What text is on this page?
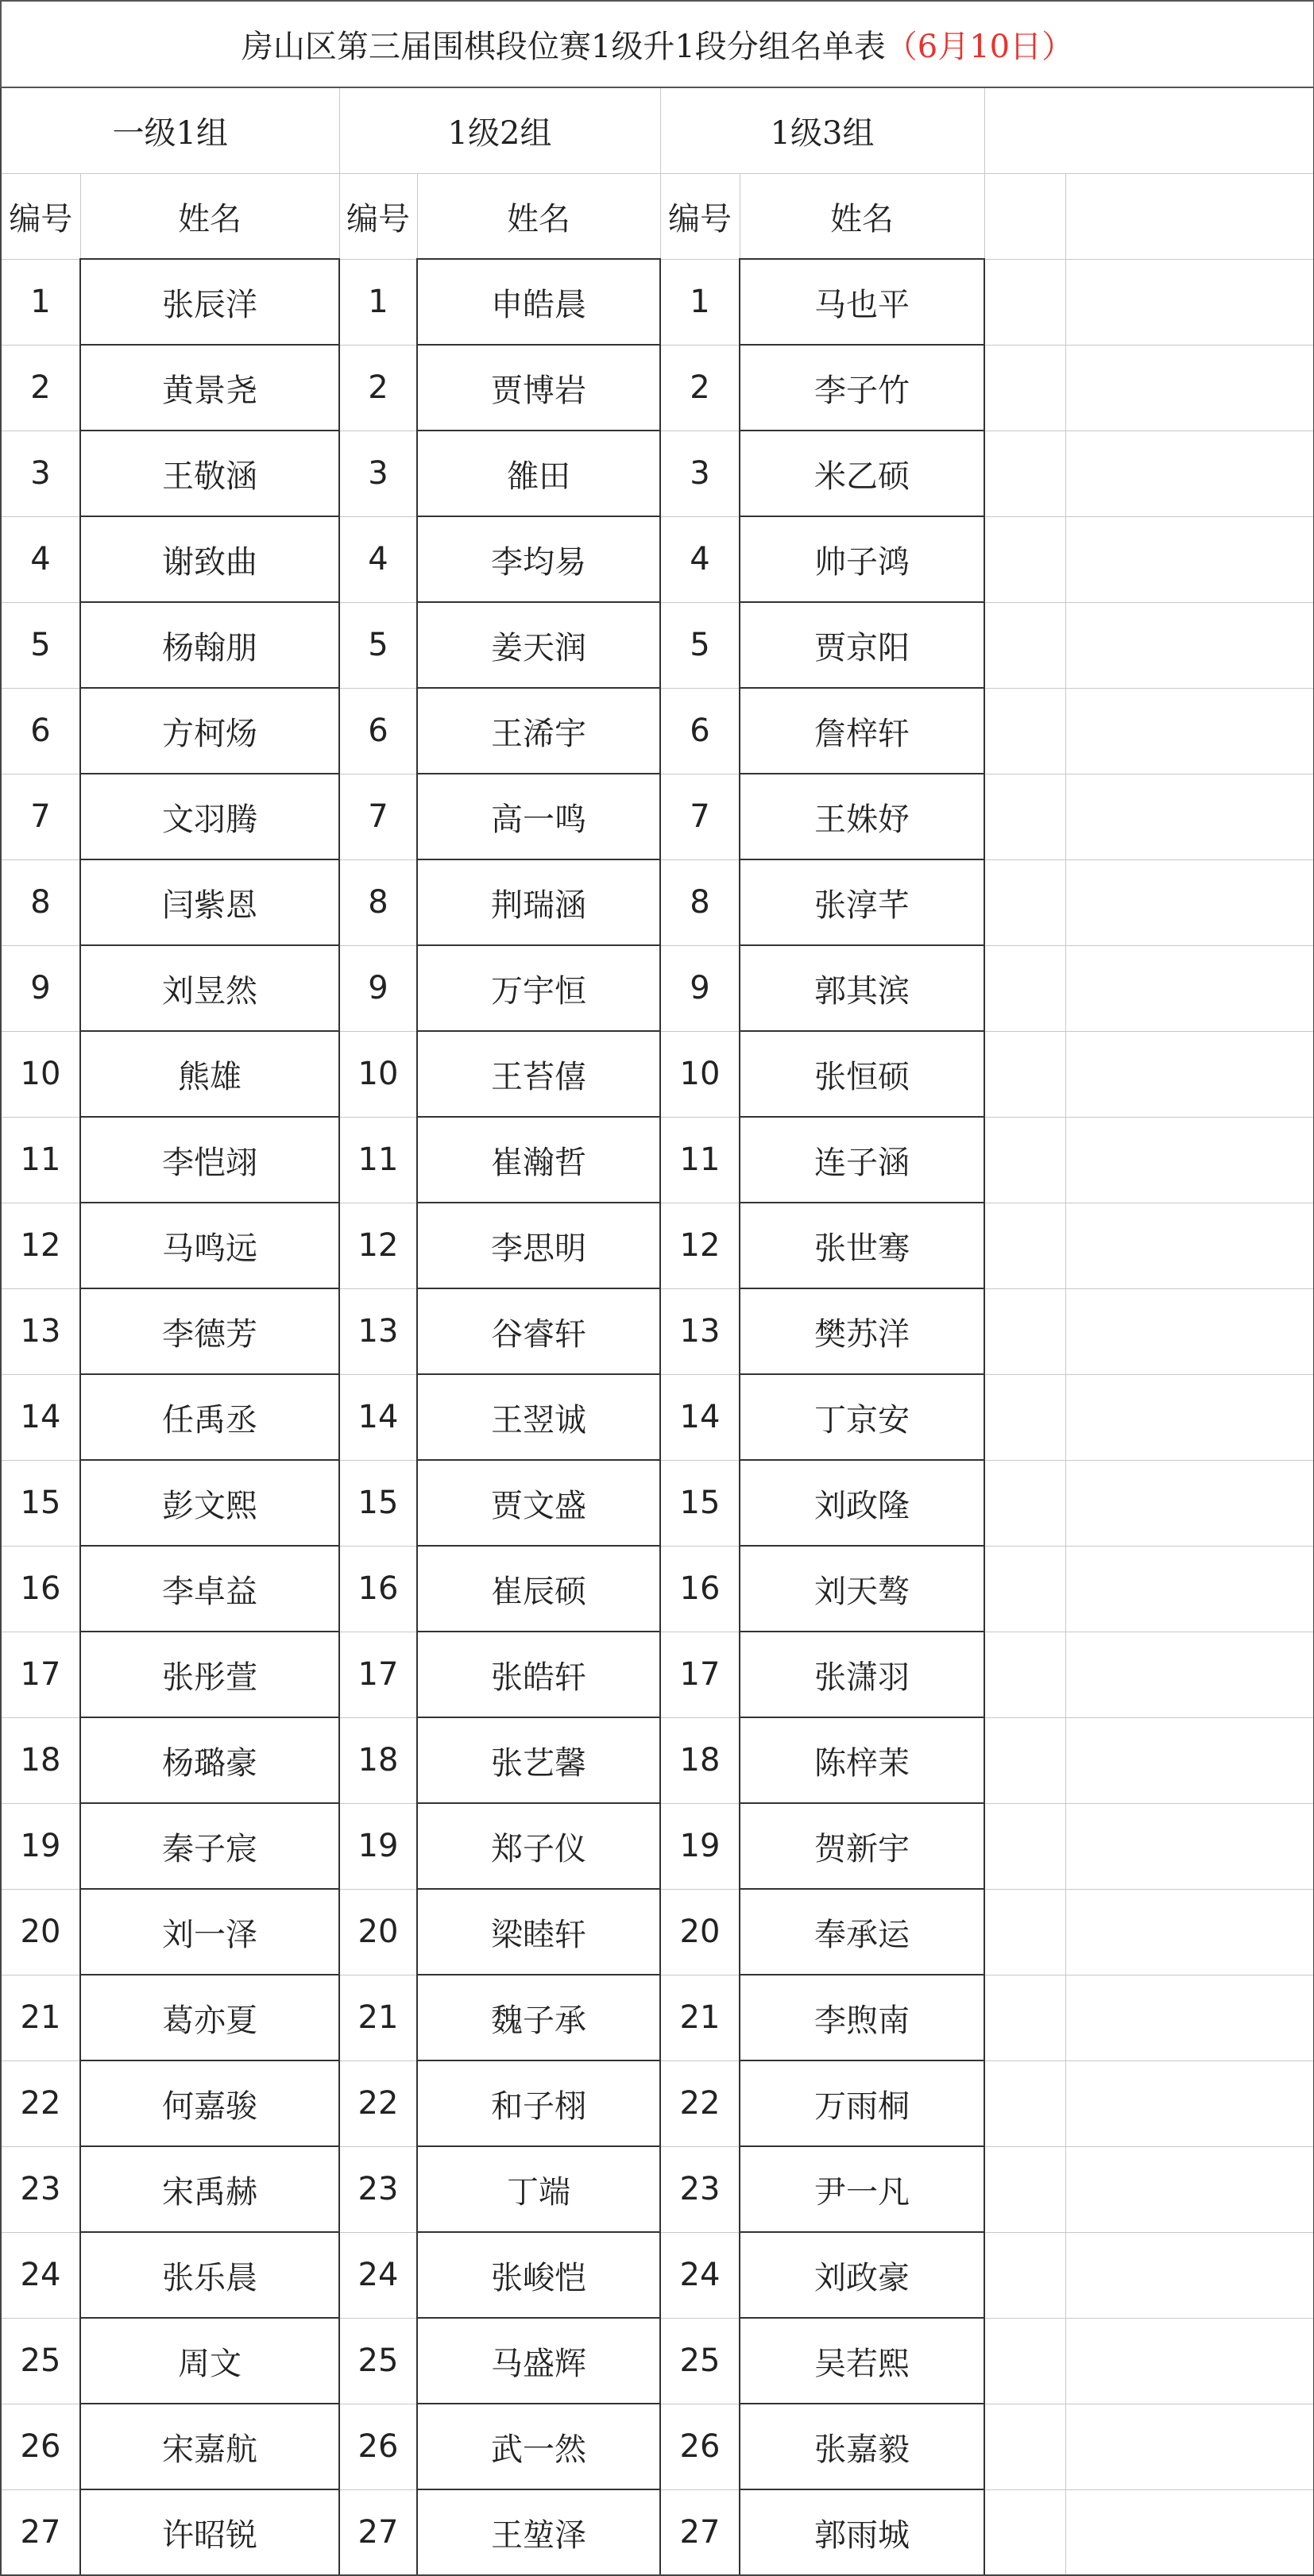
房山区第三届围棋段位赛1级升1段分组名单表（6月10日）							
一级1组		1级2组		1级3组			
编号	姓名	编号	姓名	编号	姓名		
1	张辰洋	1	申皓晨	1	马也平		
2	黄景尧	2	贾博岩	2	李子竹		
3	王敬涵	3	雒田	3	米乙硕		
4	谢致曲	4	李均易	4	帅子鸿		
5	杨翰朋	5	姜天润	5	贾京阳		
6	方柯炀	6	王浠宇	6	詹梓轩		
7	文羽腾	7	高一鸣	7	王姝妤		
8	闫紫恩	8	荆瑞涵	8	张淳芊		
9	刘昱然	9	万宇恒	9	郭其滨		
10	熊雄	10	王苔僖	10	张恒硕		
11	李恺翊	11	崔瀚哲	11	连子涵		
12	马鸣远	12	李思明	12	张世骞		
13	李德芳	13	谷睿轩	13	樊苏洋		
14	任禹丞	14	王翌诚	14	丁京安		
15	彭文熙	15	贾文盛	15	刘政隆		
16	李卓益	16	崔辰硕	16	刘天骜		
17	张彤萱	17	张皓轩	17	张潇羽		
18	杨璐豪	18	张艺馨	18	陈梓茉		
19	秦子宸	19	郑子仪	19	贺新宇		
20	刘一泽	20	梁睦轩	20	奉承运		
21	葛亦夏	21	魏子承	21	李煦南		
22	何嘉骏	22	和子栩	22	万雨桐		
23	宋禹赫	23	丁端	23	尹一凡		
24	张乐晨	24	张峻恺	24	刘政豪		
25	周文	25	马盛辉	25	吴若熙		
26	宋嘉航	26	武一然	26	张嘉毅		
27	许昭锐	27	王堃泽	27	郭雨城		
